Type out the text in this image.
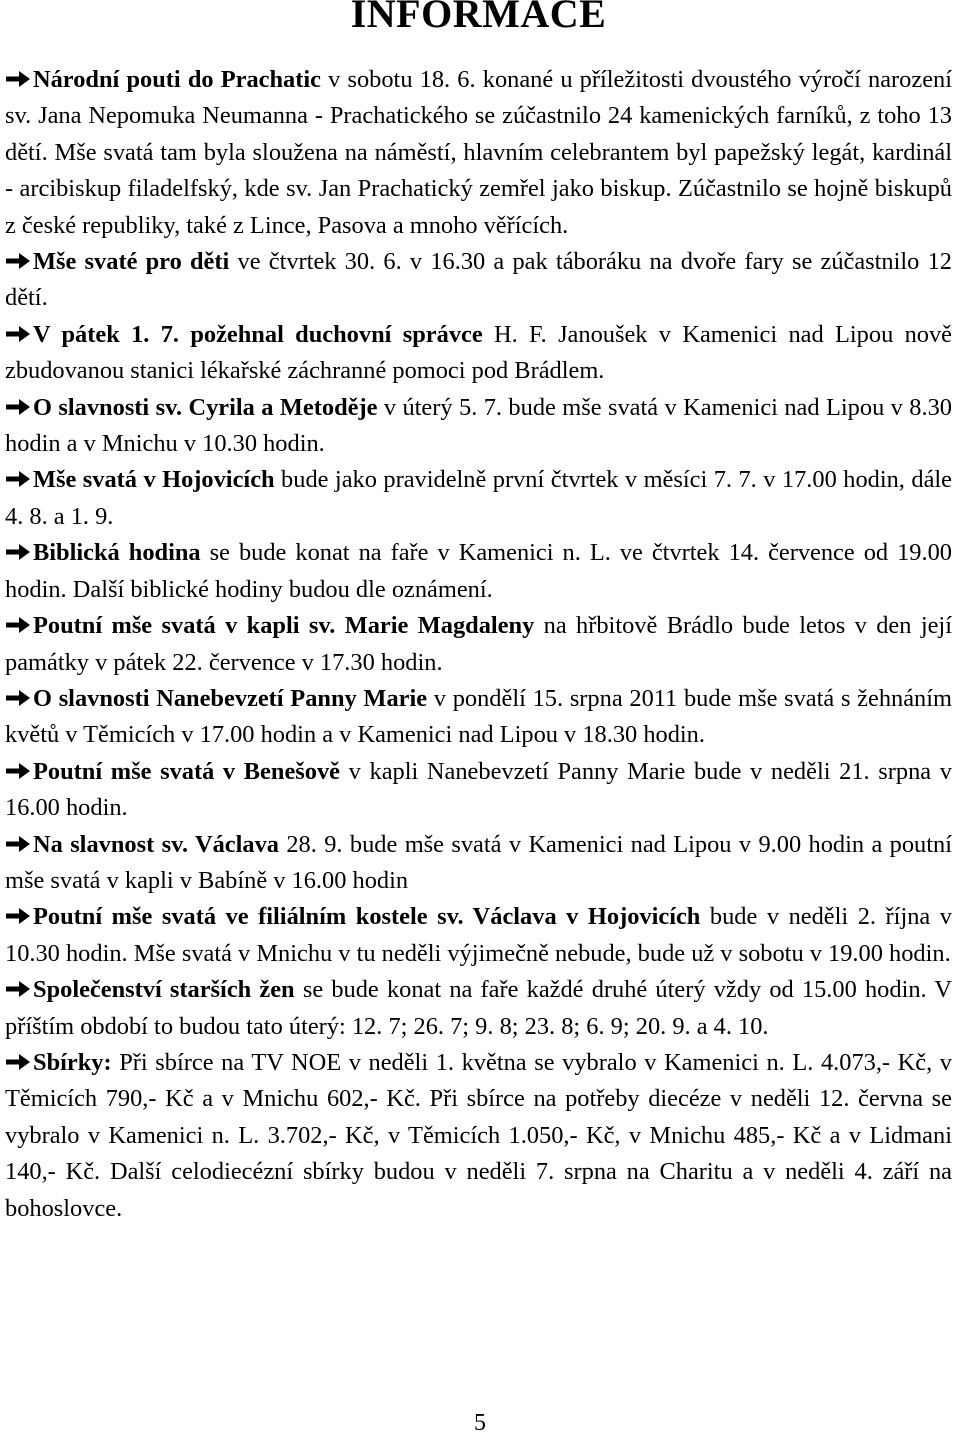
INFORMACE

Národní pouti do Prachatic v sobotu 18. 6. konané u příležitosti dvoustého výročí narození sv. Jana Nepomuka Neumanna - Prachatického se zúčastnilo 24 kamenických farníků, z toho 13 dětí. Mše svatá tam byla sloužena na náměstí, hlavním celebrantem byl papežský legát, kardinál - arcibiskup filadelfský, kde sv. Jan Prachatický zemřel jako biskup. Zúčastnilo se hojně biskupů z české republiky, také z Lince, Pasova a mnoho věřících.

Mše svaté pro děti ve čtvrtek 30. 6. v 16.30 a pak táboráku na dvoře fary se zúčastnilo 12 dětí.

V pátek 1. 7. požehnal duchovní správce H. F. Janoušek v Kamenici nad Lipou nově zbudovanou stanici lékařské záchranné pomoci pod Brádlem.

O slavnosti sv. Cyrila a Metoděje v úterý 5. 7. bude mše svatá v Kamenici nad Lipou v 8.30 hodin a v Mnichu v 10.30 hodin.

Mše svatá v Hojovicích bude jako pravidelně první čtvrtek v měsíci 7. 7. v 17.00 hodin, dále 4. 8. a 1. 9.

Biblická hodina se bude konat na faře v Kamenici n. L. ve čtvrtek 14. července od 19.00 hodin. Další biblické hodiny budou dle oznámení.

Poutní mše svatá v kapli sv. Marie Magdaleny na hřbitově Brádlo bude letos v den její památky v pátek 22. července v 17.30 hodin.

O slavnosti Nanebevzetí Panny Marie v pondělí 15. srpna 2011 bude mše svatá s žehnáním květů v Těmicích v 17.00 hodin a v Kamenici nad Lipou v 18.30 hodin.

Poutní mše svatá v Benešově v kapli Nanebevzetí Panny Marie bude v neděli 21. srpna v 16.00 hodin.

Na slavnost sv. Václava 28. 9. bude mše svatá v Kamenici nad Lipou v 9.00 hodin a poutní mše svatá v kapli v Babíně v 16.00 hodin

Poutní mše svatá ve filiálním kostele sv. Václava v Hojovicích bude v neděli 2. října v 10.30 hodin. Mše svatá v Mnichu v tu neděli výjimečně nebude, bude už v sobotu v 19.00 hodin.

Společenství starších žen se bude konat na faře každé druhé úterý vždy od 15.00 hodin. V příštím období to budou tato úterý: 12. 7; 26. 7; 9. 8; 23. 8; 6. 9; 20. 9. a 4. 10.

Sbírky: Při sbírce na TV NOE v neděli 1. května se vybralo v Kamenici n. L. 4.073,- Kč, v Těmicích 790,- Kč a v Mnichu 602,- Kč. Při sbírce na potřeby diecéze v neděli 12. června se vybralo v Kamenici n. L. 3.702,- Kč, v Těmicích 1.050,- Kč, v Mnichu 485,- Kč a v Lidmani 140,- Kč. Další celodiecézní sbírky budou v neděli 7. srpna na Charitu a v neděli 4. září na bohoslovce.

5
